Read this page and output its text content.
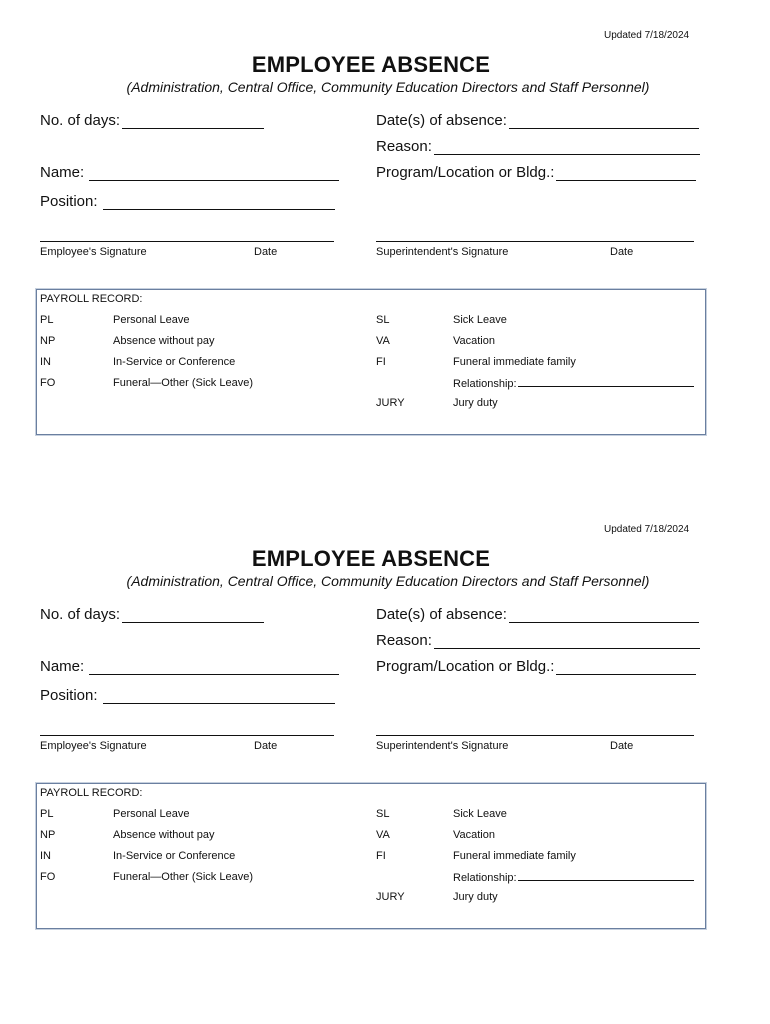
Updated 7/18/2024
EMPLOYEE ABSENCE
(Administration, Central Office, Community Education Directors and Staff Personnel)
No. of days:	Date(s) of absence:
Reason:
Name:	Program/Location or Bldg.:
Position:
Employee's Signature	Date	Superintendent's Signature	Date
PAYROLL RECORD:
PL	Personal Leave
NP	Absence without pay
IN	In-Service or Conference
FO	Funeral—Other (Sick Leave)
SL	Sick Leave
VA	Vacation
FI	Funeral immediate family
Relationship:
JURY	Jury duty
Updated 7/18/2024
EMPLOYEE ABSENCE
(Administration, Central Office, Community Education Directors and Staff Personnel)
No. of days:	Date(s) of absence:
Reason:
Name:	Program/Location or Bldg.:
Position:
Employee's Signature	Date	Superintendent's Signature	Date
PAYROLL RECORD:
PL	Personal Leave
NP	Absence without pay
IN	In-Service or Conference
FO	Funeral—Other (Sick Leave)
SL	Sick Leave
VA	Vacation
FI	Funeral immediate family
Relationship:
JURY	Jury duty
